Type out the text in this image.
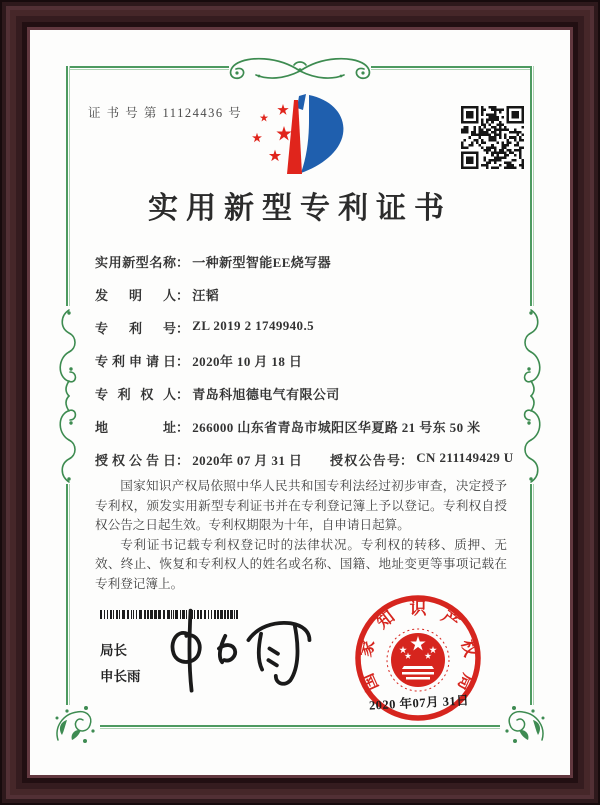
证 书 号 第 11124436 号
实用新型专利证书
实用新型名称： 一种新型智能EE烧写器
发明人： 汪韬
专利号： ZL 2019 2 1749940.5
专利申请日： 2020年 10 月 18 日
专利权人： 青岛科旭德电气有限公司
地址： 266000 山东省青岛市城阳区华夏路 21 号东 50 米
授权公告日： 2020年 07 月 31 日 授权公告号： CN 211149429 U

国家知识产权局依照中华人民共和国专利法经过初步审查，决定授予专利权，颁发实用新型专利证书并在专利登记簿上予以登记。专利权自授权公告之日起生效。专利权期限为十年，自申请日起算。

专利证书记载专利权登记时的法律状况。专利权的转移、质押、无效、终止、恢复和专利权人的姓名或名称、国籍、地址变更等事项记载在专利登记簿上。

局长
申长雨	国
家
知 识 产
权
局
2020 年07月 31日
